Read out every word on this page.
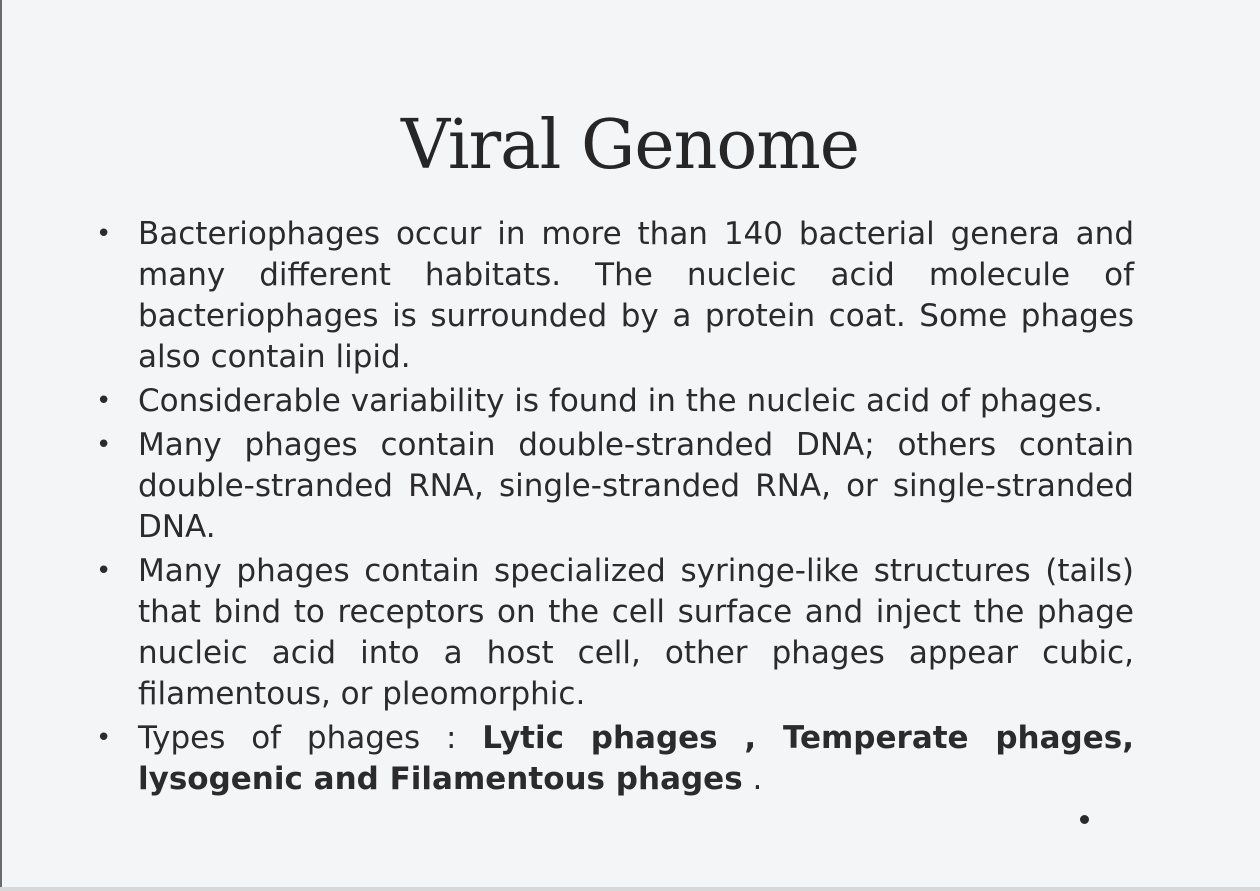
Viral Genome
• Bacteriophages occur in more than 140 bacterial genera and many different habitats. The nucleic acid molecule of bacteriophages is surrounded by a protein coat. Some phages also contain lipid.
• Considerable variability is found in the nucleic acid of phages.
• Many phages contain double-stranded DNA; others contain double-stranded RNA, single-stranded RNA, or single-stranded DNA.
• Many phages contain specialized syringe-like structures (tails) that bind to receptors on the cell surface and inject the phage nucleic acid into a host cell, other phages appear cubic, filamentous, or pleomorphic.
• Types of phages : Lytic phages , Temperate phages, lysogenic and Filamentous phages .
